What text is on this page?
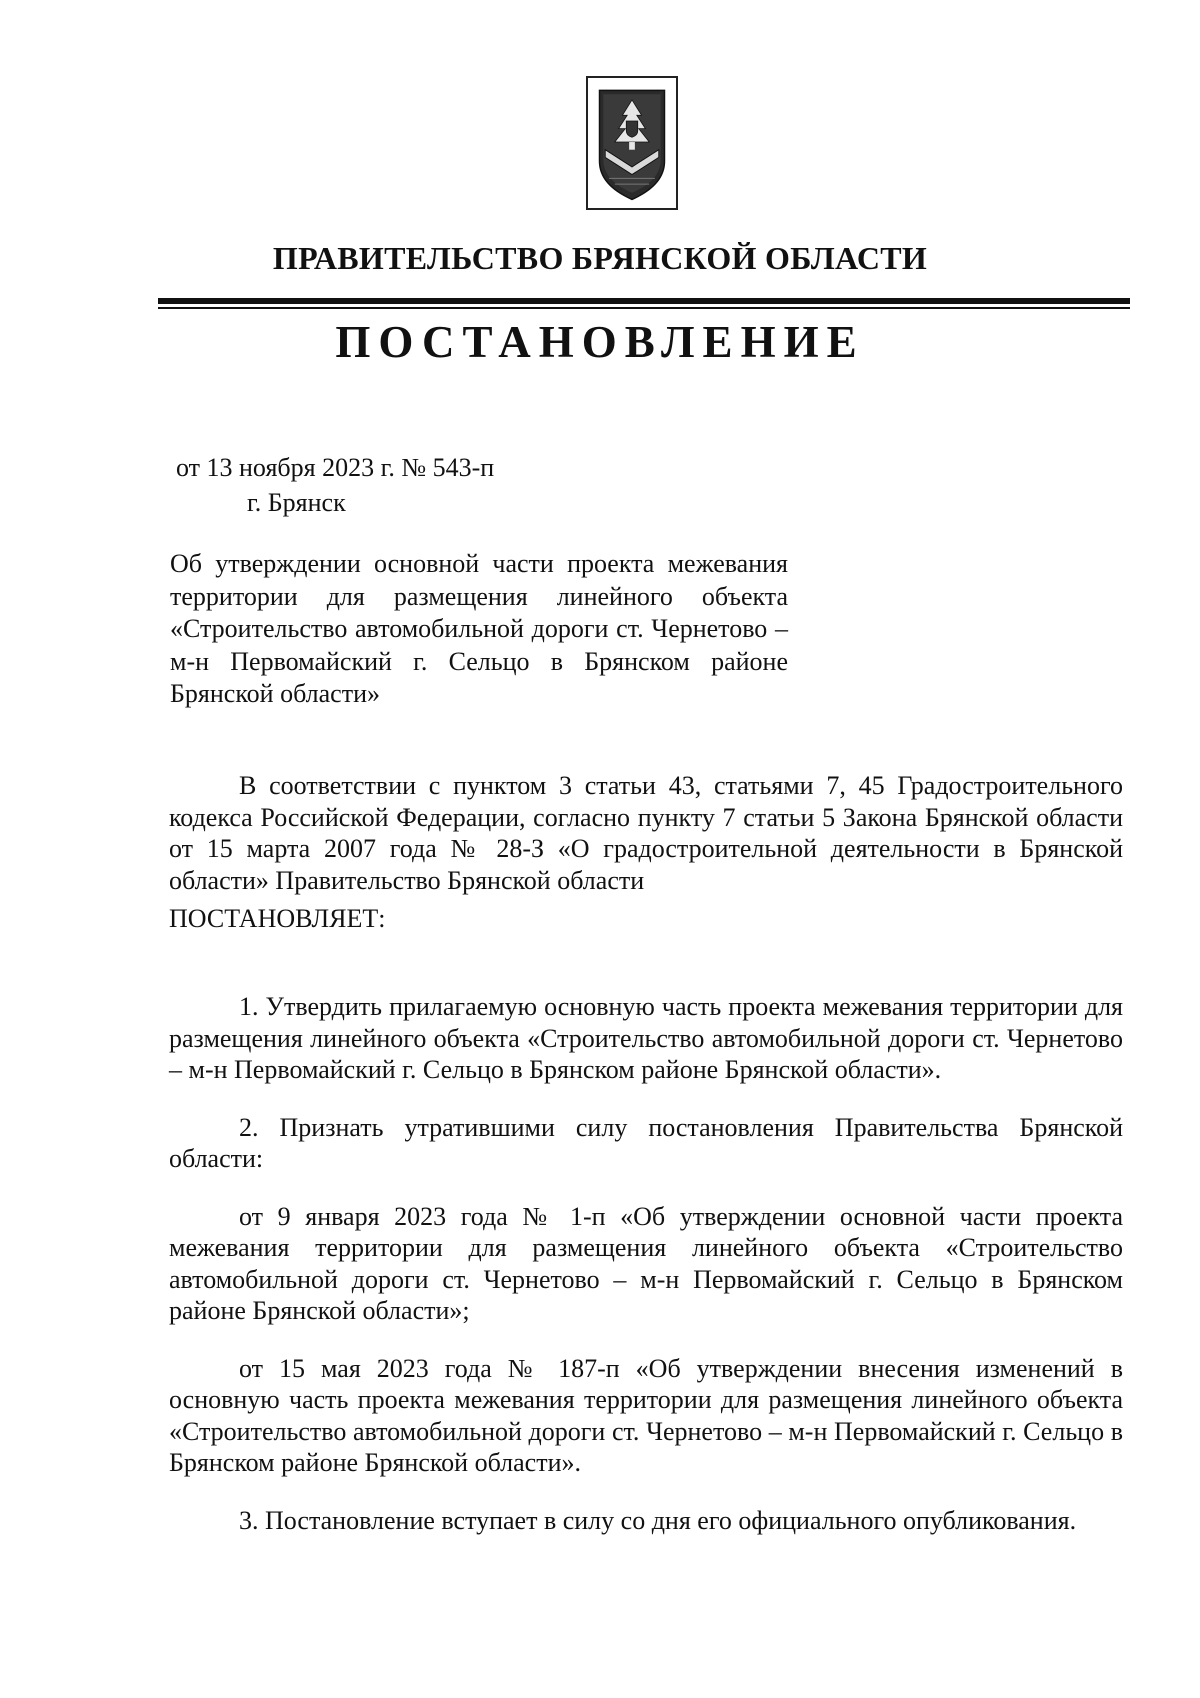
ПРАВИТЕЛЬСТВО БРЯНСКОЙ ОБЛАСТИ
ПОСТАНОВЛЕНИЕ
от 13 ноября 2023 г. № 543-п
г. Брянск
Об утверждении основной части проекта межевания территории для размещения линейного объекта «Строительство автомобильной дороги ст. Чернетово – м-н Первомайский г. Сельцо в Брянском районе Брянской области»
В соответствии с пунктом 3 статьи 43, статьями 7, 45 Градостроительного кодекса Российской Федерации, согласно пункту 7 статьи 5 Закона Брянской области от 15 марта 2007 года № 28-З «О градостроительной деятельности в Брянской области» Правительство Брянской области
ПОСТАНОВЛЯЕТ:

1. Утвердить прилагаемую основную часть проекта межевания территории для размещения линейного объекта «Строительство автомобильной дороги ст. Чернетово – м-н Первомайский г. Сельцо в Брянском районе Брянской области».

2. Признать утратившими силу постановления Правительства Брянской области:

от 9 января 2023 года № 1-п «Об утверждении основной части проекта межевания территории для размещения линейного объекта «Строительство автомобильной дороги ст. Чернетово – м-н Первомайский г. Сельцо в Брянском районе Брянской области»;

от 15 мая 2023 года № 187-п «Об утверждении внесения изменений в основную часть проекта межевания территории для размещения линейного объекта «Строительство автомобильной дороги ст. Чернетово – м-н Первомайский г. Сельцо в Брянском районе Брянской области».

3. Постановление вступает в силу со дня его официального опубликования.
